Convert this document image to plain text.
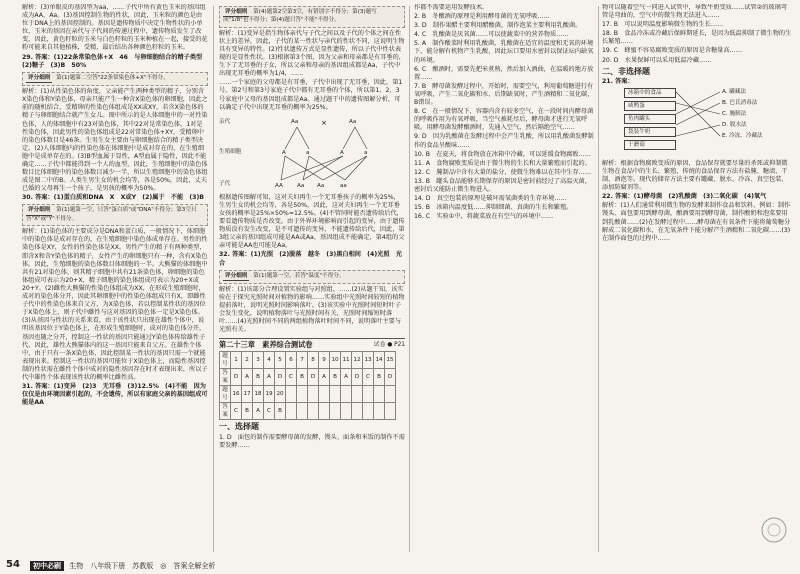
解析：(3)单眼皮的基因型为aa，……子代中所有黄色玉米的基因组成为AA、Aa。(3)基因控制生物的性状，因此，玉米粒的颜色是由位于DNA上的基因控制的。基因是遗传物质中决定生物性状的小单位，玉米的基因在亲代与子代间的传递过程中，遗传物质发生了改变，因此，黄色籽粒的玉米与白色籽粒的玉米种植在一起，接受的花粉可能来自其他植株，受精，最后结出各种颜色籽粒的玉米。

29. 答案：(1)22条常染色体+X　46　与卵细胞结合的精子类型　(2)糖子　(3)B　50%

评分细则 第(1)题第二空答"22条常染色体+X"不得分。

解析：(1)从性染色体的角度，父亲能产生两种类型的精子，分别含X染色体和Y染色体，母亲只能产生一种含X染色体的卵细胞，因此之前的随机结合，受精卵的性染色体组成是XX或XY，若含X染色体的精子与卵细胞结合就产生女儿。图中所示的是人体细胞中的一对性染色体，人的体细胞中有23对染色体，其中22对是常染色体，1对是性染色体，因此男性的染色体组成是22对常染色体+XY，受精卵中的染色体数目是46条。生男生女主要由与卵细胞结合的精子类型决定。(2)人体细胞内的性染色体在体细胞中是成对存在的，在生殖细胞中是成单存在的。(3)B型血属于显性，A型血属于隐性，因此不能确定……子代中都能得到一个人的血型，因此，生殖细胞中的染色体数目比体细胞中的染色体数目减少一半，所以生殖细胞中的染色体组成是图二中的B。人类生男生女的机会均等，各是50%，因此，丈夫已婚的父母再生一个孩子，是男孩的概率为50%。

30. 答案：(1)蛋白质和DNA　X　X或Y　(2)属于　不能　(3)B

评分细则 第(1)题第一空，只答"蛋白质"或"DNA"不得分；第3空只答"X"或"Y"不得分。

解析：(1)染色体的主要成分是DNA和蛋白质，一般情况下，体细胞中的染色体是成对存在的，在生殖细胞中染色体成单存在。男性的性染色体是XY，女性的性染色体是XX。男性产生的精子有两种类型，即含X和含Y染色体的精子，女性产生的卵细胞只有一种，含有X染色体。因此，生殖细胞的染色体数目体细胞的一半。大熊猫的体细胞中共有21对染色体，则其精子细胞中共有21条染色体，卵细胞的染色体组成可表示为20+X，精子细胞的染色体组成可表示为20+X或20+Y。(2)雌性大熊猫的性染色体组成为XX，在形成生殖细胞时，成对的染色体分开，因此其卵细胞中的性染色体组成只有X，即雌性子代中的性染色体来自父方，为X染色体，若以控制某性状的基因位于X染色体上，则子代中雌性与这对基因的染色体一定是X染色体。(3)从基因与性状的关系来看，由于该性状只出现在雄性个体中，说明该基因位于Y染色体上，在形成生殖细胞时，成对的染色体分开，基因也随之分开，控制这一性状的基因只能通过Y染色体传给雄性子代，因此，雄性大熊猫体内的这一基因只能来自父方。在雄性个体中，由于只有一条X染色体，因此控制某一性状的基因只需一个就能表现出来。控制这一性状的基因可能位于X染色体上，而隐性基因控制的性状需在雌性个体中成对的隐性基因存在时才表现出来，所以子代中雄性个体表现该性状的概率比雌性高。

31. 答案：(1)变异　(2)3　无耳垂　(3)12.5%　(4)不能　因为仅仅是由环境因素引起的，不会遗传，所以有家庭父亲的基因组成可能是AA

评分细则 第(4)题第2空第3空，有错别字不得分；第(3)题写成"1/8"也不得分；第(4)题只答"不能"不得分。

解析：(1)变异是指生物体亲代与子代之间以及子代的个体之间在性状上的差异，因此，子代的某一性状与亲代的性状不同，这说明生物具有变异的特性。(2)性状遗传方式是显性遗传，所以子代中性状表现的是显性性状。(3)根据第3个图，因为父亲和母亲都是有耳垂的，生下了无耳垂的子女，所以父亲和母亲的基因组成都是Aa，子代中出现无耳垂的概率为1/4，……

……一个家庭的父母都是有耳垂，子代中出现了无耳垂，因此，第1号，第2号和第3号家庭子代中都有无耳垂的个体，所以第1、2、3号家庭中父母的基因组成都是Aa。通过题干中的遗传图解分析，可以确定子代中出现无耳垂的概率为25%。

×
亲代
生殖细胞
子代
Aa	Aa
A	a	A	a
AA	Aa Aa	aa

根据遗传图解可知，这对夫妇再生一个无耳垂孩子的概率为25%，生男生女的机会均等，各是50%，因此，这对夫妇再生一个无耳垂女孩的概率是25%×50%=12.5%。(4)不管同时能否遗传给后代，要看遗传物质是否改变。由于外界环境影响而引起的变异，由于遗传物质没有发生改变，是不可遗传的变异，不能遗传给后代，因此，第3组父亲的基因组成可能是AA或Aa，基因组成不能确定，第4组的父亲可能是AA也可能是Aa。

32. 答案：(1)光照　(2)脱落　越冬　(3)黑白相间　(4)光照　光合

评分细则 第(1)题第一空，若答"温度"不得分。

解析：(1)该部分合理设置实验组与对照组，……(2)从题干知，该实验在于探究光照时间对植物的影响……实验组中光照时间较短的植物提前落叶，说明光照时间影响落叶。(3)该实验中光照时间短时叶子会发生变化，说明植物落叶与光照时间有关，光照时间缩短时落叶……(4)光照时间不同的两组植物落叶时间不同，说明落叶主要与光照有关。

第二十三章　素养综合测试卷	试卷 ● P21
题号	1	2	3	4	5	6	7	8	9	10	11	12	13	14	15
答案	D	A	B	A	D	C	B	D	A	B	A	D	C	B	D
题号	16	17	18	19	20										
答案	C	B	A	C	B										
一、选择题

1. D　面包的制作需要酵母菌的发酵，馒头、面条和米饭的制作不需要发酵……

作都不需要运用发酵技术。

2. B　冬酿酒的原理是利用酵母菌的无氧呼吸……

3. D　制作果醋主要利用醋酸菌，制作泡菜主要利用乳酸菌。

4. C　乳酸菌是厌氧菌……可以使蔬菜中的营养物质……

5. A　制作酸菜时利用乳酸菌，乳酸菌在适宜的温度和无氧的环境下，能分解有机物产生乳酸，因此坛口要用水密封以保证坛内缺氧的环境。

6. C　酿酒时，需要先把米煮熟，然后加入酒曲，在温暖的地方放置……

7. B　酵母菌发酵过程中，开始时，需要空气，利用葡萄糖进行有氧呼吸，产生二氧化碳和水，后期缺氧时，产生酒精和二氧化碳，B错误。

8. C　在一般情况下，容器内含有较多空气，在一段时间内酵母菌的呼吸作用为有氧呼吸，当空气被耗尽后，酵母菌才进行无氧呼吸。用酵母菌发酵酿酒时，先通入空气，然后隔绝空气……

9. D　因为乳酸菌在发酵过程中会产生乳酸，所以用乳酸菌发酵制作的食品呈酸味……

10. B　在夏天，将食物放在冰箱中冷藏，可以延缓食物腐败……

11. A　食物腐败变质是由于微生物的生长和大量繁殖而引起的。

12. C　腌制品中含有大量的盐分，使微生物难以在其中生存……

13. B　罐头食品能够长期保存的原因是密封前经过了高温灭菌，密封后又能防止微生物进入。

14. D　真空包装的原理是破坏需氧菌类的生存环境……

15. B　冰箱内温度低……抑制细菌、真菌的生长和繁殖。

16. C　实验①中，将蔬菜放在有空气的环境中……

物可以随着空气一同进入试管中，导致牛奶变质……试管②的玻璃弯管是弯曲的，空气中的微生物无法进入……

17. B　可以说明温度影响微生物的生长……

18. B　食品冷冻或冷藏后保鲜期延长，是因为低温抑制了微生物的生长繁殖……

19. C　蜂蜜不容易腐败变质的原因是含糖量高……

20. D　水果保鲜可以采用低温冷藏……

二、非选择题

21. 答案：

冰箱中的食品
咸鸭蛋
鱼肉罐头
袋装牛奶
干蘑菇
A. 罐藏法
B. 巴氏消毒法
C. 腌制法
D. 脱水法
E. 冷冻、冷藏法

解析：根据食物腐败变质的原因，食品保存就要尽量的杀死或抑制微生物在食品中的生长、繁殖，传统的食品保存方法有盐腌、糖渍、干制、酒泡等。现代的储存方法主要有罐藏、脱水、冷冻、真空包装、添加防腐剂等。

22. 答案：(1)酵母菌　(2)乳酸菌　(3)二氧化碳　(4)氧气

解析：(1)人们通常利用微生物的发酵来制作食品和饮料，例如：制作馒头、面包要用到酵母菌，酿酒要用到酵母菌，制作酸奶和泡菜要用到乳酸菌……(2)在发酵过程中……酵母菌在有氧条件下能将葡萄糖分解成二氧化碳和水，在无氧条件下能分解产生酒精和二氧化碳……(3)在制作面包的过程中……

54	初中必刷 生物　八年级下册　苏教版　◎　答案全解全析
